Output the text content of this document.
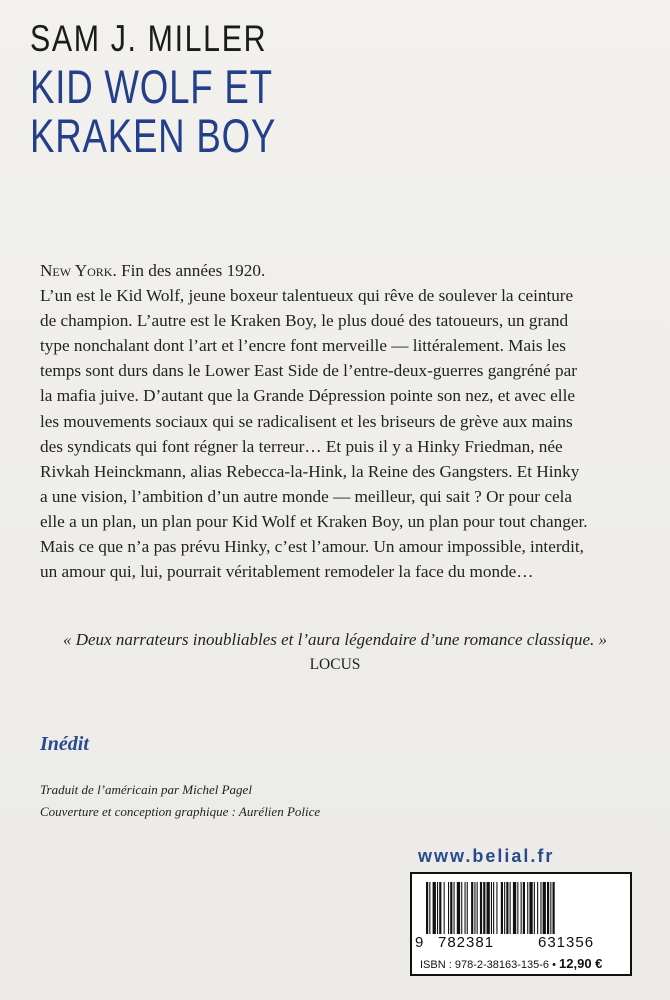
SAM J. MILLER
KID WOLF ET
KRAKEN BOY
New York. Fin des années 1920.
L’un est le Kid Wolf, jeune boxeur talentueux qui rêve de soulever la ceinture
de champion. L’autre est le Kraken Boy, le plus doué des tatoueurs, un grand
type nonchalant dont l’art et l’encre font merveille — littéralement. Mais les
temps sont durs dans le Lower East Side de l’entre-deux-guerres gangréné par
la mafia juive. D’autant que la Grande Dépression pointe son nez, et avec elle
les mouvements sociaux qui se radicalisent et les briseurs de grève aux mains
des syndicats qui font régner la terreur… Et puis il y a Hinky Friedman, née
Rivkah Heinckmann, alias Rebecca-la-Hink, la Reine des Gangsters. Et Hinky
a une vision, l’ambition d’un autre monde — meilleur, qui sait ? Or pour cela
elle a un plan, un plan pour Kid Wolf et Kraken Boy, un plan pour tout changer.
Mais ce que n’a pas prévu Hinky, c’est l’amour. Un amour impossible, interdit,
un amour qui, lui, pourrait véritablement remodeler la face du monde…
« Deux narrateurs inoubliables et l’aura légendaire d’une romance classique. »
LOCUS
Inédit
Traduit de l’américain par Michel Pagel
Couverture et conception graphique : Aurélien Police
www.belial.fr
9 782381	631356
ISBN : 978-2-38163-135-6 • 12,90 €
